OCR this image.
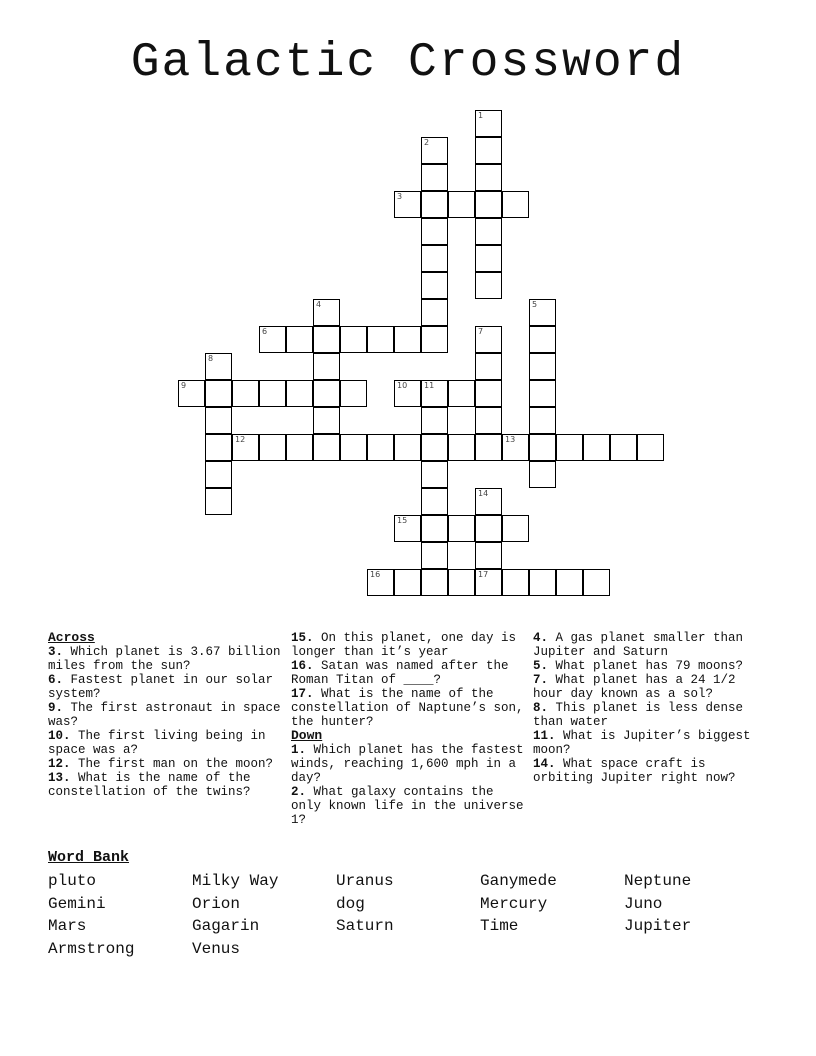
Galactic Crossword
1
2
3
4	5
6	7
8
9	10 11
12	13
14
17
15
16
Across
3. Which planet is 3.67 billion miles from the sun?
6. Fastest planet in our solar system?
9. The first astronaut in space was?
10. The first living being in space was a?
12. The first man on the moon?
13. What is the name of the constellation of the twins?
15. On this planet, one day is longer than it’s year
16. Satan was named after the Roman Titan of ____?
17. What is the name of the constellation of Naptune’s son, the hunter?
Down
1. Which planet has the fastest winds, reaching 1,600 mph in a day?
2. What galaxy contains the only known life in the universe 1?
4. A gas planet smaller than Jupiter and Saturn
5. What planet has 79 moons?
7. What planet has a 24 1/2 hour day known as a sol?
8. This planet is less dense than water
11. What is Jupiter’s biggest moon?
14. What space craft is orbiting Jupiter right now?
Word Bank
pluto	Milky Way	Uranus	Ganymede	Neptune
Gemini	Orion	dog	Mercury	Juno
Mars	Gagarin	Saturn	Time	Jupiter
Armstrong	Venus
